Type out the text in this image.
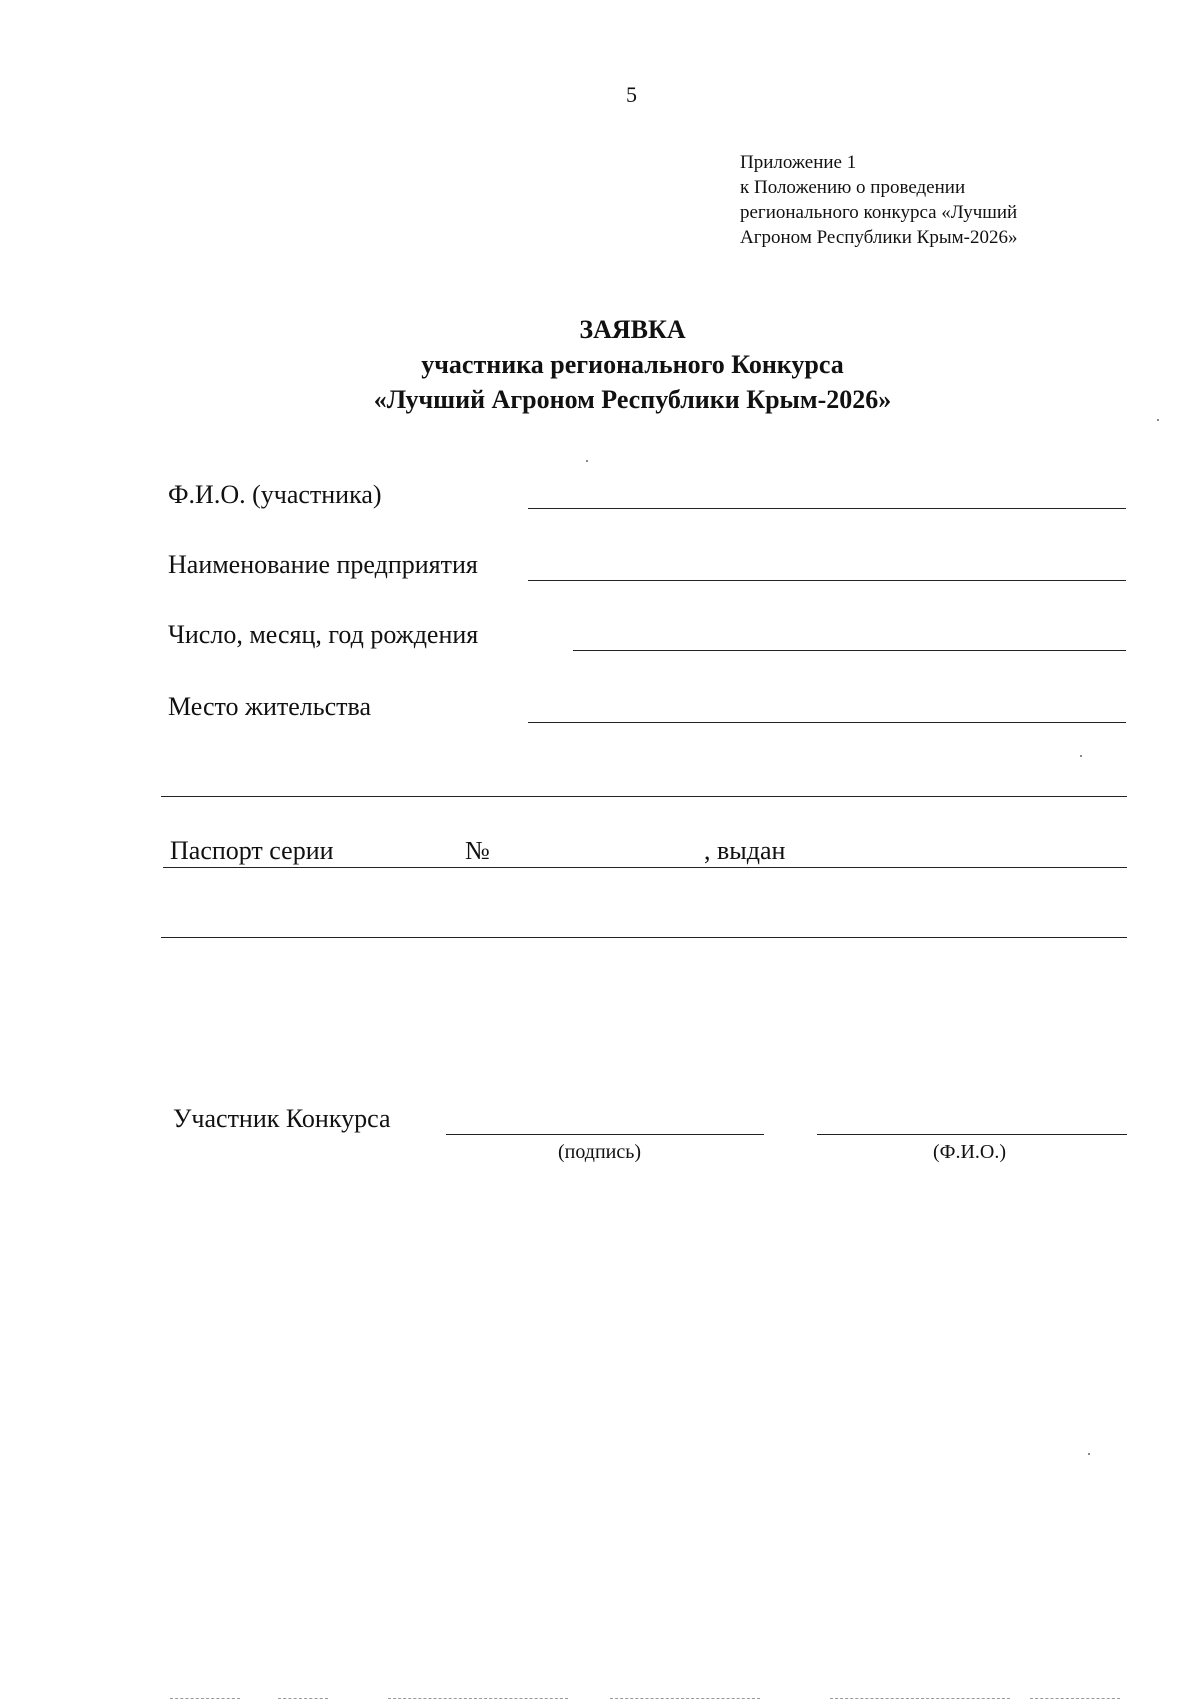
5
Приложение 1
к Положению о проведении
регионального конкурса «Лучший
Агроном Республики Крым-2026»
ЗАЯВКА
участника регионального Конкурса
«Лучший Агроном Республики Крым-2026»
Ф.И.О. (участника)
Наименование предприятия
Число, месяц, год рождения
Место жительства
Паспорт серии	№	, выдан
Участник Конкурса
(подпись)	(Ф.И.О.)
